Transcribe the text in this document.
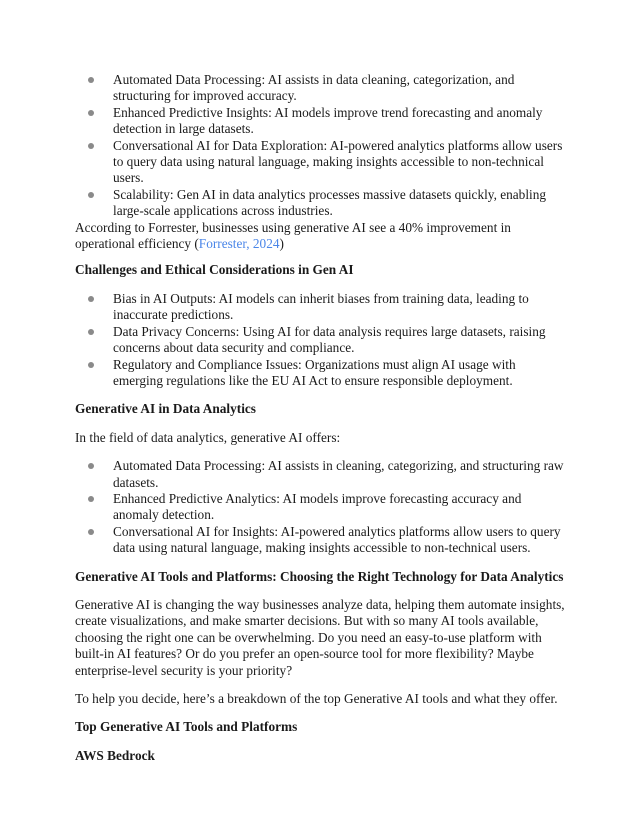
Automated Data Processing: AI assists in data cleaning, categorization, and structuring for improved accuracy.
Enhanced Predictive Insights: AI models improve trend forecasting and anomaly detection in large datasets.
Conversational AI for Data Exploration: AI-powered analytics platforms allow users to query data using natural language, making insights accessible to non-technical users.
Scalability: Gen AI in data analytics processes massive datasets quickly, enabling large-scale applications across industries.

According to Forrester, businesses using generative AI see a 40% improvement in operational efficiency (Forrester, 2024)

Challenges and Ethical Considerations in Gen AI
Bias in AI Outputs: AI models can inherit biases from training data, leading to inaccurate predictions.
Data Privacy Concerns: Using AI for data analysis requires large datasets, raising concerns about data security and compliance.
Regulatory and Compliance Issues: Organizations must align AI usage with emerging regulations like the EU AI Act to ensure responsible deployment.
Generative AI in Data Analytics

In the field of data analytics, generative AI offers:

Automated Data Processing: AI assists in cleaning, categorizing, and structuring raw datasets.
Enhanced Predictive Analytics: AI models improve forecasting accuracy and anomaly detection.
Conversational AI for Insights: AI-powered analytics platforms allow users to query data using natural language, making insights accessible to non-technical users.
Generative AI Tools and Platforms: Choosing the Right Technology for Data Analytics

Generative AI is changing the way businesses analyze data, helping them automate insights, create visualizations, and make smarter decisions. But with so many AI tools available, choosing the right one can be overwhelming. Do you need an easy-to-use platform with built-in AI features? Or do you prefer an open-source tool for more flexibility? Maybe enterprise-level security is your priority?

To help you decide, here’s a breakdown of the top Generative AI tools and what they offer.

Top Generative AI Tools and Platforms
AWS Bedrock
